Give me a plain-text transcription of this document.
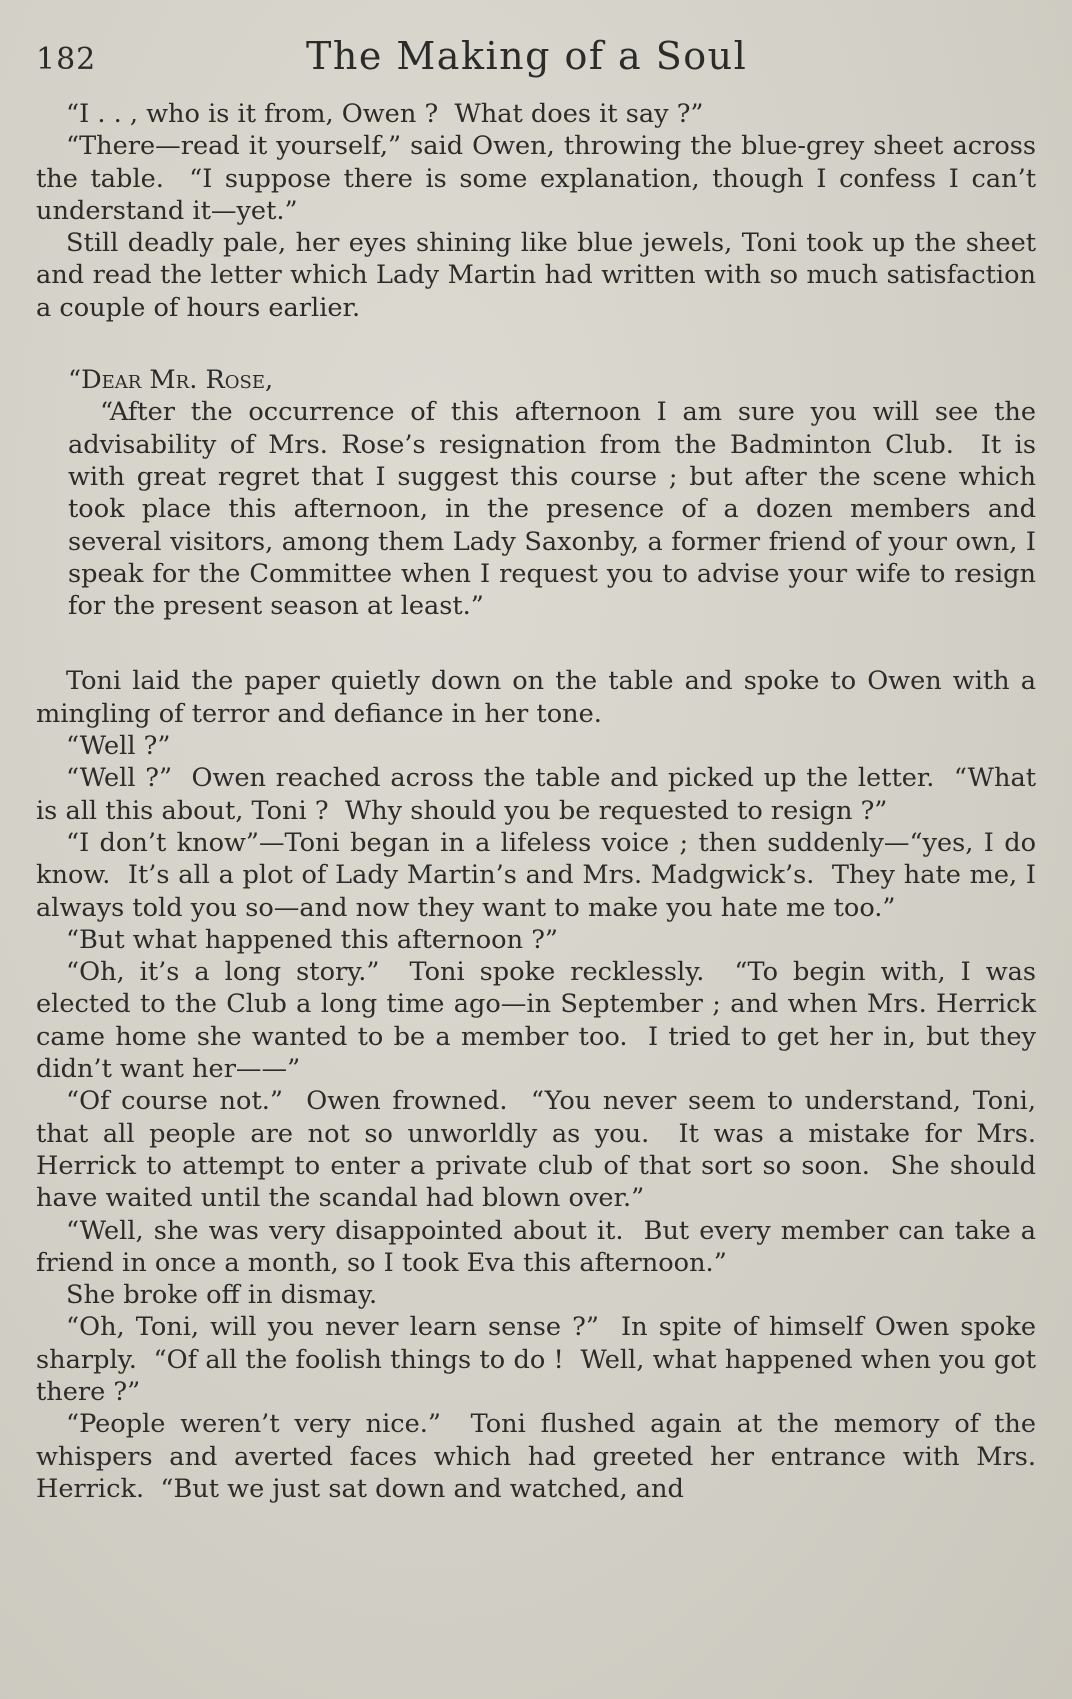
182	The Making of a Soul

“I . . , who is it from, Owen ?  What does it say ?”

“There—read it yourself,” said Owen, throwing the blue-grey sheet across the table.  “I suppose there is some explanation, though I confess I can’t understand it—yet.”

Still deadly pale, her eyes shining like blue jewels, Toni took up the sheet and read the letter which Lady Martin had written with so much satisfaction a couple of hours earlier.

“Dear Mr. Rose,

“After the occurrence of this afternoon I am sure you will see the advisability of Mrs. Rose’s resignation from the Badminton Club.  It is with great regret that I suggest this course ; but after the scene which took place this afternoon, in the presence of a dozen members and several visitors, among them Lady Saxonby, a former friend of your own, I speak for the Committee when I request you to advise your wife to resign for the present season at least.”

Toni laid the paper quietly down on the table and spoke to Owen with a mingling of terror and defiance in her tone.

“Well ?”

“Well ?”  Owen reached across the table and picked up the letter.  “What is all this about, Toni ?  Why should you be requested to resign ?”

“I don’t know”—Toni began in a lifeless voice ; then suddenly—“yes, I do know.  It’s all a plot of Lady Martin’s and Mrs. Madgwick’s.  They hate me, I always told you so—and now they want to make you hate me too.”

“But what happened this afternoon ?”

“Oh, it’s a long story.”  Toni spoke recklessly.  “To begin with, I was elected to the Club a long time ago—in September ; and when Mrs. Herrick came home she wanted to be a member too.  I tried to get her in, but they didn’t want her——”

“Of course not.”  Owen frowned.  “You never seem to understand, Toni, that all people are not so unworldly as you.  It was a mistake for Mrs. Herrick to attempt to enter a private club of that sort so soon.  She should have waited until the scandal had blown over.”

“Well, she was very disappointed about it.  But every member can take a friend in once a month, so I took Eva this afternoon.”

She broke off in dismay.

“Oh, Toni, will you never learn sense ?”  In spite of himself Owen spoke sharply.  “Of all the foolish things to do !  Well, what happened when you got there ?”

“People weren’t very nice.”  Toni flushed again at the memory of the whispers and averted faces which had greeted her entrance with Mrs. Herrick.  “But we just sat down and watched, and
